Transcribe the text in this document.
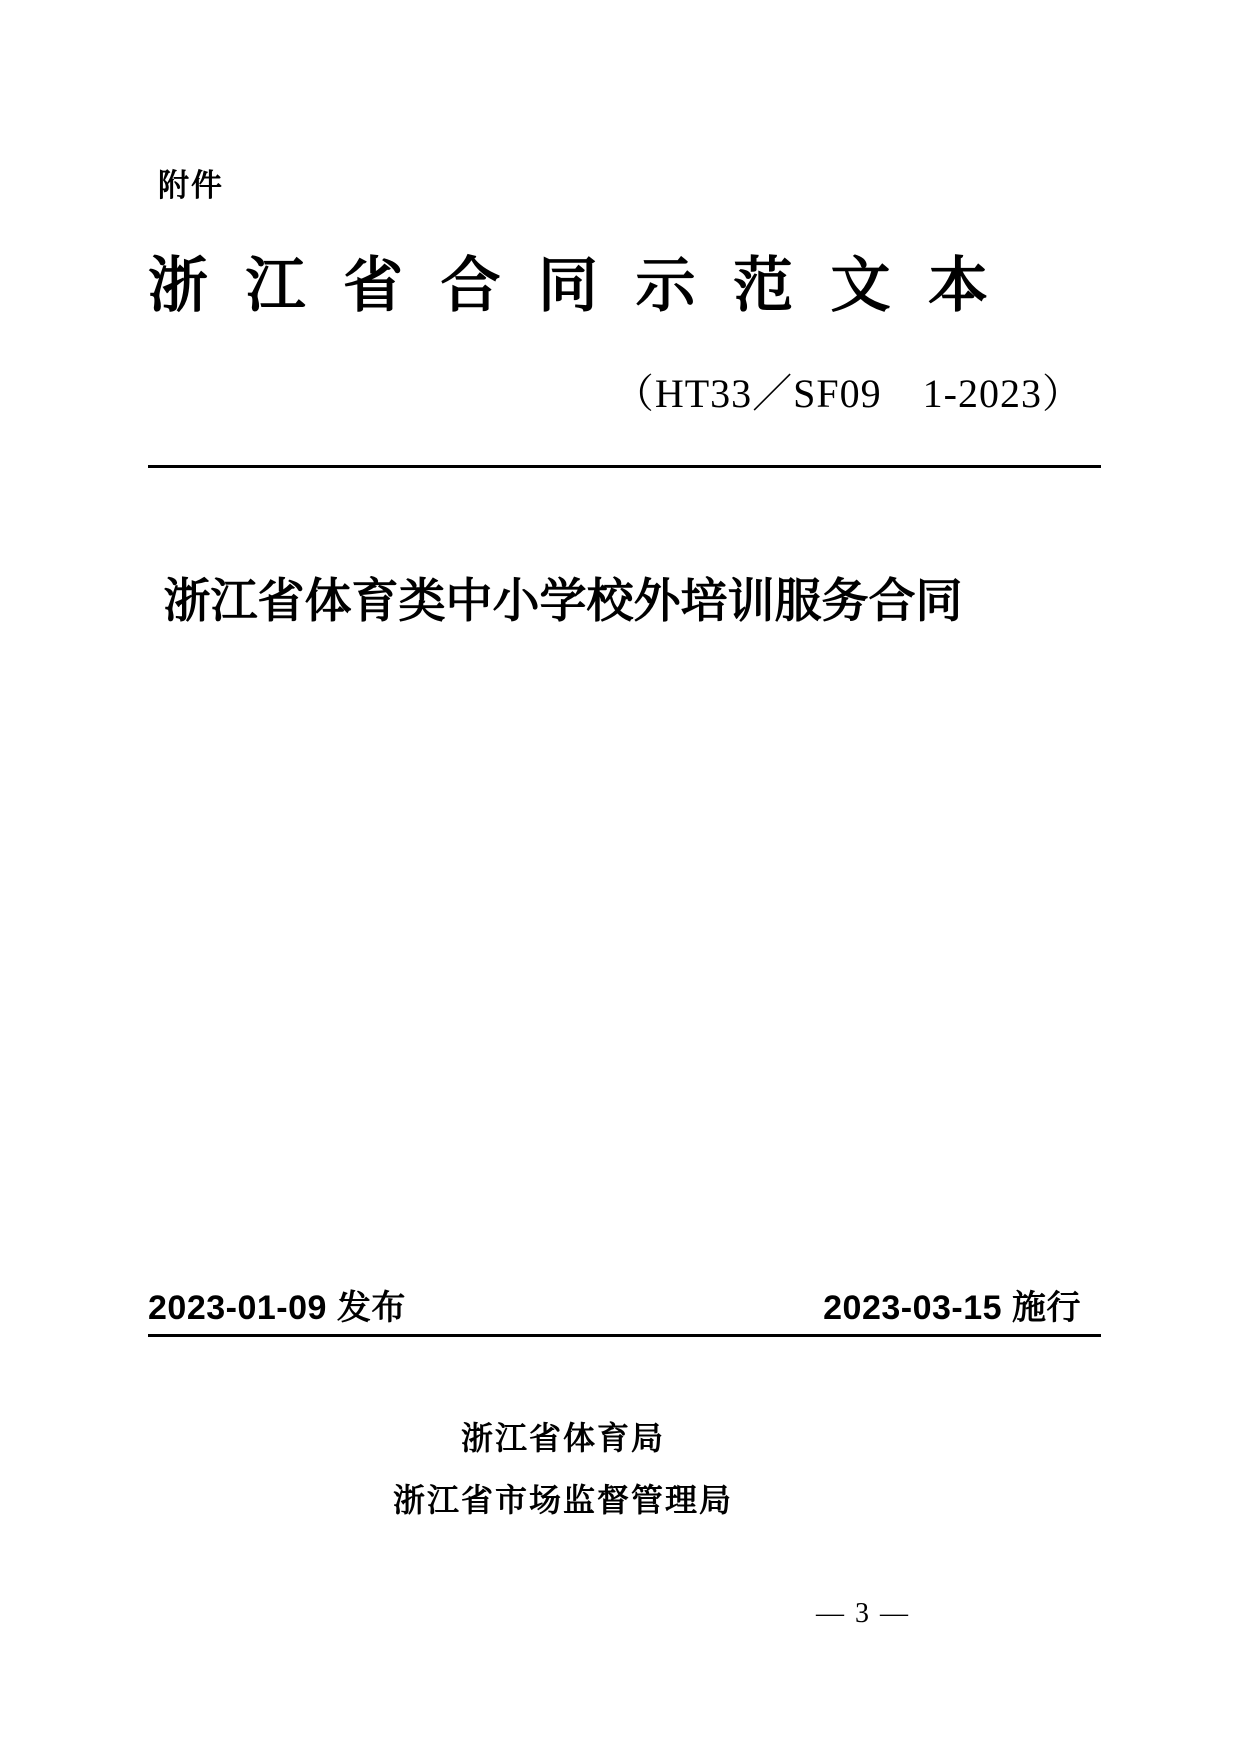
附件
浙 江 省 合 同 示 范 文 本
（HT33／SF09　1-2023）
浙江省体育类中小学校外培训服务合同
2023-01-09 发布	2023-03-15 施行
浙江省体育局
浙江省市场监督管理局
— 3 —
